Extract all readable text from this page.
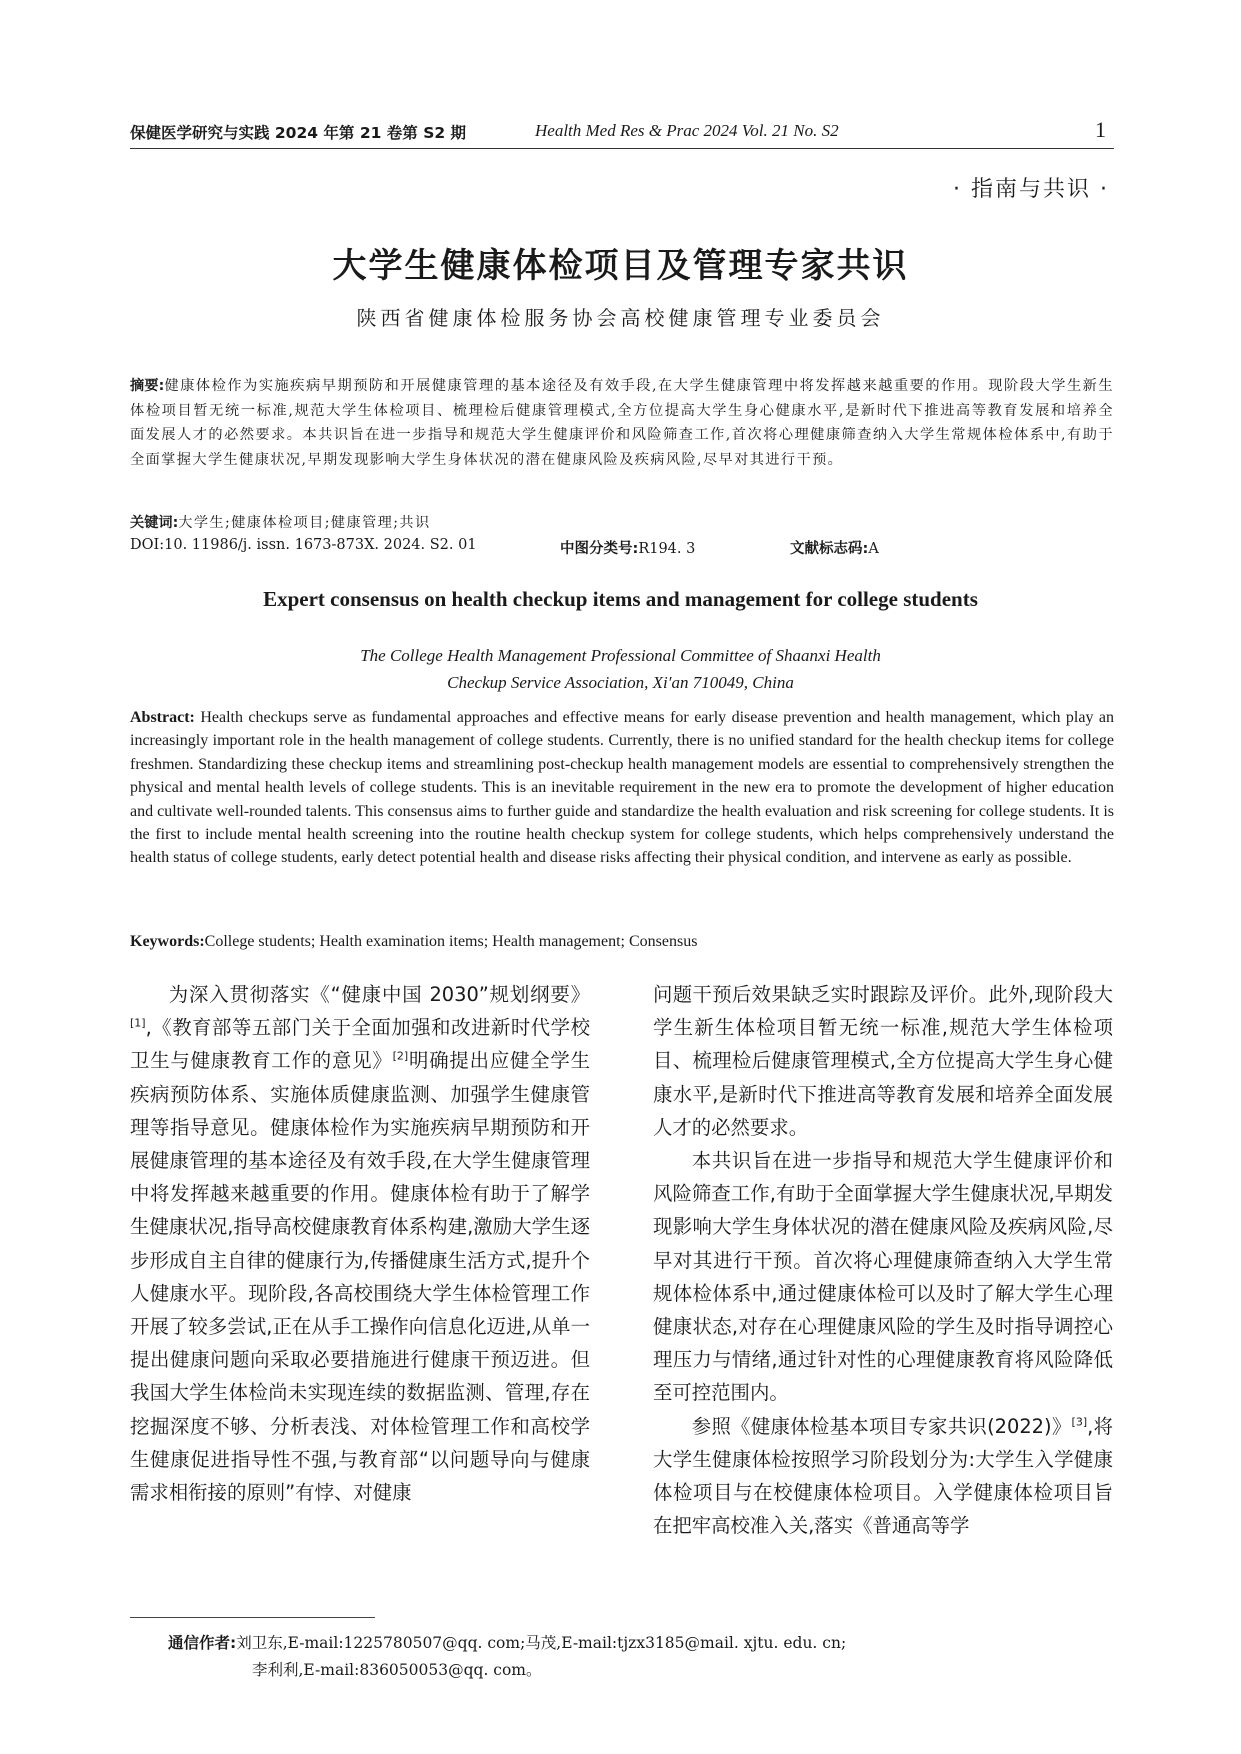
保健医学研究与实践 2024 年第 21 卷第 S2 期	Health Med Res & Prac 2024 Vol. 21 No. S2	1
· 指南与共识 ·
大学生健康体检项目及管理专家共识
陕西省健康体检服务协会高校健康管理专业委员会
摘要:健康体检作为实施疾病早期预防和开展健康管理的基本途径及有效手段,在大学生健康管理中将发挥越来越重要的作用。现阶段大学生新生体检项目暂无统一标准,规范大学生体检项目、梳理检后健康管理模式,全方位提高大学生身心健康水平,是新时代下推进高等教育发展和培养全面发展人才的必然要求。本共识旨在进一步指导和规范大学生健康评价和风险筛查工作,首次将心理健康筛查纳入大学生常规体检体系中,有助于全面掌握大学生健康状况,早期发现影响大学生身体状况的潜在健康风险及疾病风险,尽早对其进行干预。
关键词:大学生;健康体检项目;健康管理;共识
DOI:10. 11986/j. issn. 1673-873X. 2024. S2. 01	中图分类号:R194. 3	文献标志码:A
Expert consensus on health checkup items and management for college students
The College Health Management Professional Committee of Shaanxi Health
Checkup Service Association, Xi′an 710049, China
Abstract: Health checkups serve as fundamental approaches and effective means for early disease prevention and health management, which play an increasingly important role in the health management of college students. Currently, there is no unified standard for the health checkup items for college freshmen. Standardizing these checkup items and streamlining post-checkup health management models are essential to comprehensively strengthen the physical and mental health levels of college students. This is an inevitable requirement in the new era to promote the development of higher education and cultivate well-rounded talents. This consensus aims to further guide and standardize the health evaluation and risk screening for college students. It is the first to include mental health screening into the routine health checkup system for college students, which helps comprehensively understand the health status of college students, early detect potential health and disease risks affecting their physical condition, and intervene as early as possible.
Keywords:College students; Health examination items; Health management; Consensus

为深入贯彻落实《“健康中国 2030”规划纲要》[1],《教育部等五部门关于全面加强和改进新时代学校卫生与健康教育工作的意见》[2]明确提出应健全学生疾病预防体系、实施体质健康监测、加强学生健康管理等指导意见。健康体检作为实施疾病早期预防和开展健康管理的基本途径及有效手段,在大学生健康管理中将发挥越来越重要的作用。健康体检有助于了解学生健康状况,指导高校健康教育体系构建,激励大学生逐步形成自主自律的健康行为,传播健康生活方式,提升个人健康水平。现阶段,各高校围绕大学生体检管理工作开展了较多尝试,正在从手工操作向信息化迈进,从单一提出健康问题向采取必要措施进行健康干预迈进。但我国大学生体检尚未实现连续的数据监测、管理,存在挖掘深度不够、分析表浅、对体检管理工作和高校学生健康促进指导性不强,与教育部“以问题导向与健康需求相衔接的原则”有悖、对健康

问题干预后效果缺乏实时跟踪及评价。此外,现阶段大学生新生体检项目暂无统一标准,规范大学生体检项目、梳理检后健康管理模式,全方位提高大学生身心健康水平,是新时代下推进高等教育发展和培养全面发展人才的必然要求。

本共识旨在进一步指导和规范大学生健康评价和风险筛查工作,有助于全面掌握大学生健康状况,早期发现影响大学生身体状况的潜在健康风险及疾病风险,尽早对其进行干预。首次将心理健康筛查纳入大学生常规体检体系中,通过健康体检可以及时了解大学生心理健康状态,对存在心理健康风险的学生及时指导调控心理压力与情绪,通过针对性的心理健康教育将风险降低至可控范围内。

参照《健康体检基本项目专家共识(2022)》[3],将大学生健康体检按照学习阶段划分为:大学生入学健康体检项目与在校健康体检项目。入学健康体检项目旨在把牢高校准入关,落实《普通高等学

通信作者:刘卫东,E-mail:1225780507@qq. com;马茂,E-mail:tjzx3185@mail. xjtu. edu. cn;
李利利,E-mail:836050053@qq. com。
